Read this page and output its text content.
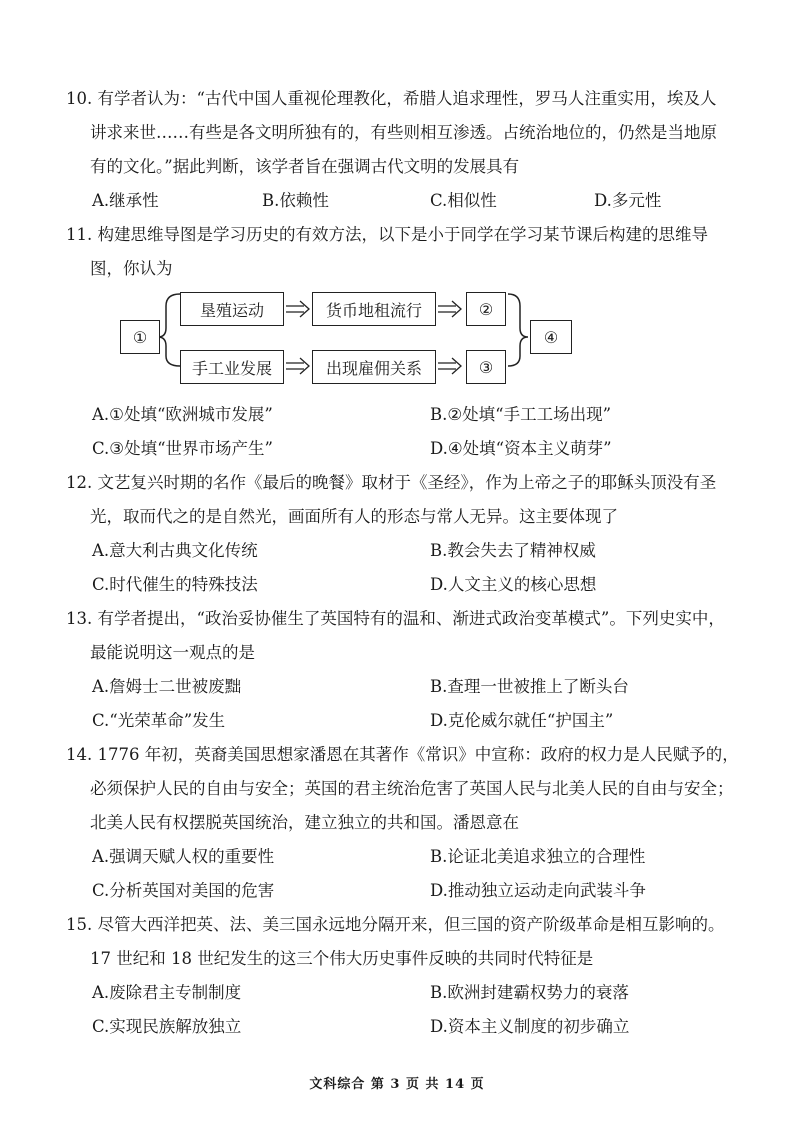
10. 有学者认为：“古代中国人重视伦理教化，希腊人追求理性，罗马人注重实用，埃及人
讲求来世……有些是各文明所独有的，有些则相互渗透。占统治地位的，仍然是当地原
有的文化。”据此判断，该学者旨在强调古代文明的发展具有
A.继承性	B.依赖性	C.相似性	D.多元性
11. 构建思维导图是学习历史的有效方法，以下是小于同学在学习某节课后构建的思维导
图，你认为
①
垦殖运动	货币地租流行	②
手工业发展	出现雇佣关系	③
④
A.①处填“欧洲城市发展”	B.②处填“手工工场出现”
C.③处填“世界市场产生”	D.④处填“资本主义萌芽”
12. 文艺复兴时期的名作《最后的晚餐》取材于《圣经》，作为上帝之子的耶稣头顶没有圣
光，取而代之的是自然光，画面所有人的形态与常人无异。这主要体现了
A.意大利古典文化传统	B.教会失去了精神权威
C.时代催生的特殊技法	D.人文主义的核心思想
13. 有学者提出，“政治妥协催生了英国特有的温和、渐进式政治变革模式”。下列史实中，
最能说明这一观点的是
A.詹姆士二世被废黜	B.查理一世被推上了断头台
C.“光荣革命”发生	D.克伦威尔就任“护国主”
14. 1776 年初，英裔美国思想家潘恩在其著作《常识》中宣称：政府的权力是人民赋予的，
必须保护人民的自由与安全；英国的君主统治危害了英国人民与北美人民的自由与安全；
北美人民有权摆脱英国统治，建立独立的共和国。潘恩意在
A.强调天赋人权的重要性	B.论证北美追求独立的合理性
C.分析英国对美国的危害	D.推动独立运动走向武装斗争
15. 尽管大西洋把英、法、美三国永远地分隔开来，但三国的资产阶级革命是相互影响的。
17 世纪和 18 世纪发生的这三个伟大历史事件反映的共同时代特征是
A.废除君主专制制度	B.欧洲封建霸权势力的衰落
C.实现民族解放独立	D.资本主义制度的初步确立
文科综合 第 3 页 共 14 页
